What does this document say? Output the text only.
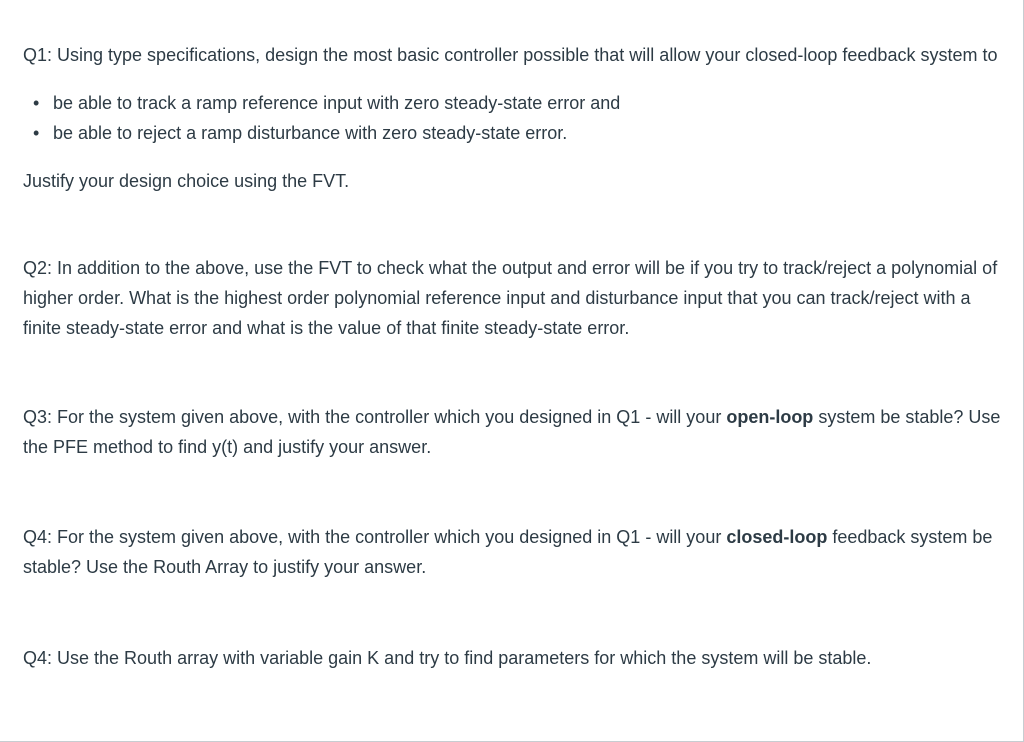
Q1: Using type specifications, design the most basic controller possible that will allow your closed-loop feedback system to

• be able to track a ramp reference input with zero steady-state error and
• be able to reject a ramp disturbance with zero steady-state error.

Justify your design choice using the FVT.

Q2: In addition to the above, use the FVT to check what the output and error will be if you try to track/reject a polynomial of higher order. What is the highest order polynomial reference input and disturbance input that you can track/reject with a finite steady-state error and what is the value of that finite steady-state error.

Q3: For the system given above, with the controller which you designed in Q1 - will your open-loop system be stable? Use the PFE method to find y(t) and justify your answer.

Q4: For the system given above, with the controller which you designed in Q1 - will your closed-loop feedback system be stable? Use the Routh Array to justify your answer.

Q4: Use the Routh array with variable gain K and try to find parameters for which the system will be stable.
